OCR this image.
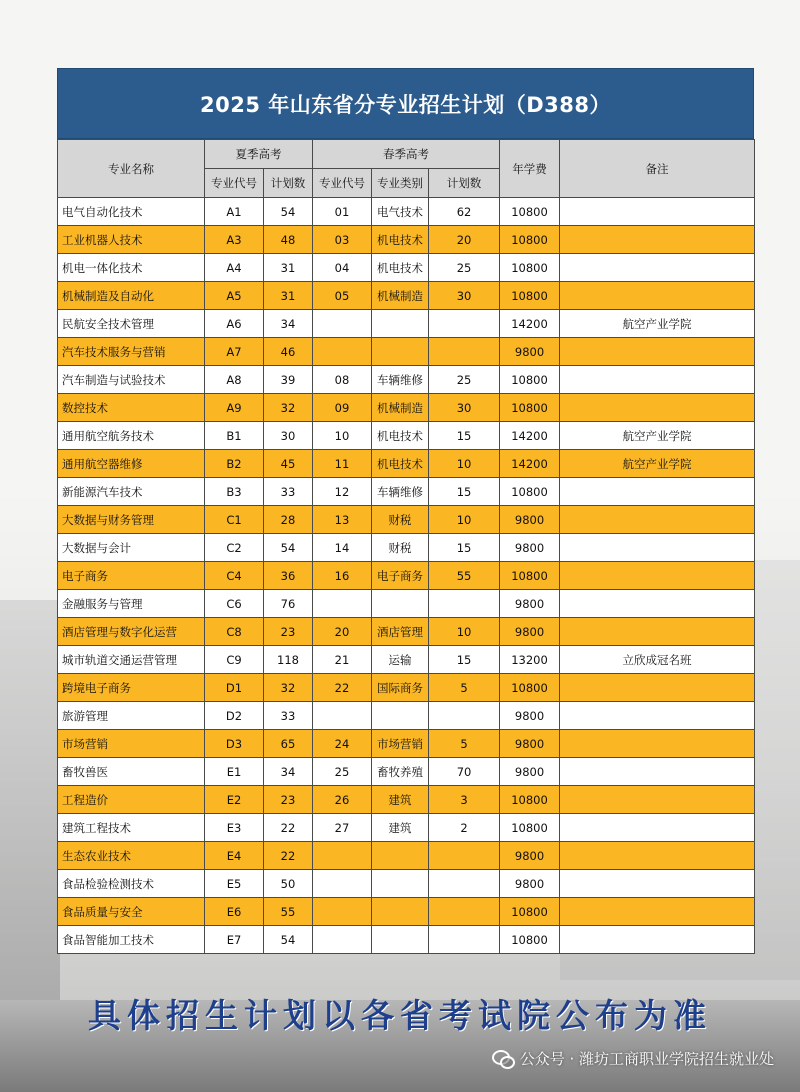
2025 年山东省分专业招生计划（D388）
专业名称	夏季高考		春季高考			年学费	备注
	专业代号	计划数	专业代号	专业类别	计划数		
电气自动化技术	A1	54	01	电气技术	62	10800	
工业机器人技术	A3	48	03	机电技术	20	10800	
机电一体化技术	A4	31	04	机电技术	25	10800	
机械制造及自动化	A5	31	05	机械制造	30	10800	
民航安全技术管理	A6	34				14200	航空产业学院
汽车技术服务与营销	A7	46				9800	
汽车制造与试验技术	A8	39	08	车辆维修	25	10800	
数控技术	A9	32	09	机械制造	30	10800	
通用航空航务技术	B1	30	10	机电技术	15	14200	航空产业学院
通用航空器维修	B2	45	11	机电技术	10	14200	航空产业学院
新能源汽车技术	B3	33	12	车辆维修	15	10800	
大数据与财务管理	C1	28	13	财税	10	9800	
大数据与会计	C2	54	14	财税	15	9800	
电子商务	C4	36	16	电子商务	55	10800	
金融服务与管理	C6	76				9800	
酒店管理与数字化运营	C8	23	20	酒店管理	10	9800	
城市轨道交通运营管理	C9	118	21	运输	15	13200	立欣成冠名班
跨境电子商务	D1	32	22	国际商务	5	10800	
旅游管理	D2	33				9800	
市场营销	D3	65	24	市场营销	5	9800	
畜牧兽医	E1	34	25	畜牧养殖	70	9800	
工程造价	E2	23	26	建筑	3	10800	
建筑工程技术	E3	22	27	建筑	2	10800	
生态农业技术	E4	22				9800	
食品检验检测技术	E5	50				9800	
食品质量与安全	E6	55				10800	
食品智能加工技术	E7	54				10800	
具体招生计划以各省考试院公布为准
公众号 · 潍坊工商职业学院招生就业处
